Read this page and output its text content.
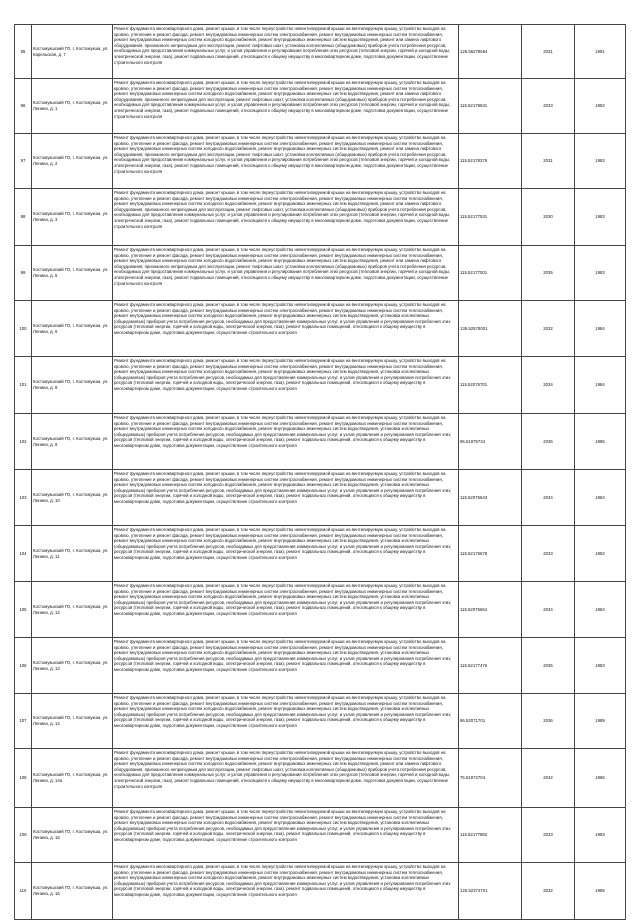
95	Костомукшский ГО, г. Костомукша, ул. Карельская, д. 7	Ремонт фундамента многоквартирного дома, ремонт крыши, в том числе переустройство невентилируемой крыши на вентилируемую крышу, устройство выходов на кровлю, утепление и ремонт фасада, ремонт внутридомовых инженерных систем электроснабжения, ремонт внутридомовых инженерных систем теплоснабжения, ремонт внутридомовых инженерных систем холодного водоснабжения, ремонт внутридомовых инженерных систем водоотведения, ремонт или замена лифтового оборудования, признанного непригодным для эксплуатации, ремонт лифтовых шахт, установка коллективных (общедомовых) приборов учета потребления ресурсов, необходимых для предоставления коммунальных услуг, и узлов управления и регулирования потребления этих ресурсов (тепловой энергии, горячей и холодной воды, электрической энергии, газа), ремонт подвальных помещений, относящихся к общему имуществу в многоквартирном доме, подготовка документации, осуществление строительного контроля	126.56279664	2031	1981
96	Костомукшский ГО, г. Костомукша, ул. Ленина, д. 1	Ремонт фундамента многоквартирного дома, ремонт крыши, в том числе переустройство невентилируемой крыши на вентилируемую крышу, устройство выходов на кровлю, утепление и ремонт фасада, ремонт внутридомовых инженерных систем электроснабжения, ремонт внутридомовых инженерных систем теплоснабжения, ремонт внутридомовых инженерных систем холодного водоснабжения, ремонт внутридомовых инженерных систем водоотведения, ремонт или замена лифтового оборудования, признанного непригодным для эксплуатации, ремонт лифтовых шахт, установка коллективных (общедомовых) приборов учета потребления ресурсов, необходимых для предоставления коммунальных услуг, и узлов управления и регулирования потребления этих ресурсов (тепловой энергии, горячей и холодной воды, электрической энергии, газа), ремонт подвальных помещений, относящихся к общему имуществу в многоквартирном доме, подготовка документации, осуществление строительного контроля	115.52178631	2033	1982
97	Костомукшский ГО, г. Костомукша, ул. Ленина, д. 2	Ремонт фундамента многоквартирного дома, ремонт крыши, в том числе переустройство невентилируемой крыши на вентилируемую крышу, устройство выходов на кровлю, утепление и ремонт фасада, ремонт внутридомовых инженерных систем электроснабжения, ремонт внутридомовых инженерных систем теплоснабжения, ремонт внутридомовых инженерных систем холодного водоснабжения, ремонт внутридомовых инженерных систем водоотведения, ремонт или замена лифтового оборудования, признанного непригодным для эксплуатации, ремонт лифтовых шахт, установка коллективных (общедомовых) приборов учета потребления ресурсов, необходимых для предоставления коммунальных услуг, и узлов управления и регулирования потребления этих ресурсов (тепловой энергии, горячей и холодной воды, электрической энергии, газа), ремонт подвальных помещений, относящихся к общему имуществу в многоквартирном доме, подготовка документации, осуществление строительного контроля	115.52178376	2031	1982
98	Костомукшский ГО, г. Костомукша, ул. Ленина, д. 3	Ремонт фундамента многоквартирного дома, ремонт крыши, в том числе переустройство невентилируемой крыши на вентилируемую крышу, устройство выходов на кровлю, утепление и ремонт фасада, ремонт внутридомовых инженерных систем электроснабжения, ремонт внутридомовых инженерных систем теплоснабжения, ремонт внутридомовых инженерных систем холодного водоснабжения, ремонт внутридомовых инженерных систем водоотведения, ремонт или замена лифтового оборудования, признанного непригодным для эксплуатации, ремонт лифтовых шахт, установка коллективных (общедомовых) приборов учета потребления ресурсов, необходимых для предоставления коммунальных услуг, и узлов управления и регулирования потребления этих ресурсов (тепловой энергии, горячей и холодной воды, электрической энергии, газа), ремонт подвальных помещений, относящихся к общему имуществу в многоквартирном доме, подготовка документации, осуществление строительного контроля	115.52177531	2030	1983
99	Костомукшский ГО, г. Костомукша, ул. Ленина, д. 5	Ремонт фундамента многоквартирного дома, ремонт крыши, в том числе переустройство невентилируемой крыши на вентилируемую крышу, устройство выходов на кровлю, утепление и ремонт фасада, ремонт внутридомовых инженерных систем электроснабжения, ремонт внутридомовых инженерных систем теплоснабжения, ремонт внутридомовых инженерных систем холодного водоснабжения, ремонт внутридомовых инженерных систем водоотведения, ремонт или замена лифтового оборудования, признанного непригодным для эксплуатации, ремонт лифтовых шахт, установка коллективных (общедомовых) приборов учета потребления ресурсов, необходимых для предоставления коммунальных услуг, и узлов управления и регулирования потребления этих ресурсов (тепловой энергии, горячей и холодной воды, электрической энергии, газа), ремонт подвальных помещений, относящихся к общему имуществу в многоквартирном доме, подготовка документации, осуществление строительного контроля	115.52177001	2035	1983
100	Костомукшский ГО, г. Костомукша, ул. Ленина, д. 6	Ремонт фундамента многоквартирного дома, ремонт крыши, в том числе переустройство невентилируемой крыши на вентилируемую крышу, устройство выходов на кровлю, утепление и ремонт фасада, ремонт внутридомовых инженерных систем электроснабжения, ремонт внутридомовых инженерных систем теплоснабжения, ремонт внутридомовых инженерных систем холодного водоснабжения, ремонт внутридомовых инженерных систем водоотведения, установка коллективных (общедомовых) приборов учета потребления ресурсов, необходимых для предоставления коммунальных услуг, и узлов управления и регулирования потребления этих ресурсов (тепловой энергии, горячей и холодной воды, электрической энергии, газа), ремонт подвальных помещений, относящихся к общему имуществу в многоквартирном доме, подготовка документации, осуществление строительного контроля	135.52578001	2032	1984
101	Костомукшский ГО, г. Костомукша, ул. Ленина, д. 8	Ремонт фундамента многоквартирного дома, ремонт крыши, в том числе переустройство невентилируемой крыши на вентилируемую крышу, устройство выходов на кровлю, утепление и ремонт фасада, ремонт внутридомовых инженерных систем электроснабжения, ремонт внутридомовых инженерных систем теплоснабжения, ремонт внутридомовых инженерных систем холодного водоснабжения, ремонт внутридомовых инженерных систем водоотведения, установка коллективных (общедомовых) приборов учета потребления ресурсов, необходимых для предоставления коммунальных услуг, и узлов управления и регулирования потребления этих ресурсов (тепловой энергии, горячей и холодной воды, электрической энергии, газа), ремонт подвальных помещений, относящихся к общему имуществу в многоквартирном доме, подготовка документации, осуществление строительного контроля	115.52076701	2034	1984
102	Костомукшский ГО, г. Костомукша, ул. Ленина, д. 9	Ремонт фундамента многоквартирного дома, ремонт крыши, в том числе переустройство невентилируемой крыши на вентилируемую крышу, устройство выходов на кровлю, утепление и ремонт фасада, ремонт внутридомовых инженерных систем электроснабжения, ремонт внутридомовых инженерных систем теплоснабжения, ремонт внутридомовых инженерных систем холодного водоснабжения, ремонт внутридомовых инженерных систем водоотведения, установка коллективных (общедомовых) приборов учета потребления ресурсов, необходимых для предоставления коммунальных услуг, и узлов управления и регулирования потребления этих ресурсов (тепловой энергии, горячей и холодной воды, электрической энергии, газа), ремонт подвальных помещений, относящихся к общему имуществу в многоквартирном доме, подготовка документации, осуществление строительного контроля	96.51975734	2036	1985
103	Костомукшский ГО, г. Костомукша, ул. Ленина, д. 10	Ремонт фундамента многоквартирного дома, ремонт крыши, в том числе переустройство невентилируемой крыши на вентилируемую крышу, устройство выходов на кровлю, утепление и ремонт фасада, ремонт внутридомовых инженерных систем электроснабжения, ремонт внутридомовых инженерных систем теплоснабжения, ремонт внутридомовых инженерных систем холодного водоснабжения, ремонт внутридомовых инженерных систем водоотведения, установка коллективных (общедомовых) приборов учета потребления ресурсов, необходимых для предоставления коммунальных услуг, и узлов управления и регулирования потребления этих ресурсов (тепловой энергии, горячей и холодной воды, электрической энергии, газа), ремонт подвальных помещений, относящихся к общему имуществу в многоквартирном доме, подготовка документации, осуществление строительного контроля	115.52076643	2034	1984
104	Костомукшский ГО, г. Костомукша, ул. Ленина, д. 11	Ремонт фундамента многоквартирного дома, ремонт крыши, в том числе переустройство невентилируемой крыши на вентилируемую крышу, устройство выходов на кровлю, утепление и ремонт фасада, ремонт внутридомовых инженерных систем электроснабжения, ремонт внутридомовых инженерных систем теплоснабжения, ремонт внутридомовых инженерных систем холодного водоснабжения, ремонт внутридомовых инженерных систем водоотведения, установка коллективных (общедомовых) приборов учета потребления ресурсов, необходимых для предоставления коммунальных услуг, и узлов управления и регулирования потребления этих ресурсов (тепловой энергии, горячей и холодной воды, электрической энергии, газа), ремонт подвальных помещений, относящихся к общему имуществу в многоквартирном доме, подготовка документации, осуществление строительного контроля	115.52176678	2033	1982
105	Костомукшский ГО, г. Костомукша, ул. Ленина, д. 12	Ремонт фундамента многоквартирного дома, ремонт крыши, в том числе переустройство невентилируемой крыши на вентилируемую крышу, устройство выходов на кровлю, утепление и ремонт фасада, ремонт внутридомовых инженерных систем электроснабжения, ремонт внутридомовых инженерных систем теплоснабжения, ремонт внутридомовых инженерных систем холодного водоснабжения, ремонт внутридомовых инженерных систем водоотведения, установка коллективных (общедомовых) приборов учета потребления ресурсов, необходимых для предоставления коммунальных услуг, и узлов управления и регулирования потребления этих ресурсов (тепловой энергии, горячей и холодной воды, электрической энергии, газа), ремонт подвальных помещений, относящихся к общему имуществу в многоквартирном доме, подготовка документации, осуществление строительного контроля	115.52076664	2034	1984
106	Костомукшский ГО, г. Костомукша, ул. Ленина, д. 13	Ремонт фундамента многоквартирного дома, ремонт крыши, в том числе переустройство невентилируемой крыши на вентилируемую крышу, устройство выходов на кровлю, утепление и ремонт фасада, ремонт внутридомовых инженерных систем электроснабжения, ремонт внутридомовых инженерных систем теплоснабжения, ремонт внутридомовых инженерных систем холодного водоснабжения, ремонт внутридомовых инженерных систем водоотведения, установка коллективных (общедомовых) приборов учета потребления ресурсов, необходимых для предоставления коммунальных услуг, и узлов управления и регулирования потребления этих ресурсов (тепловой энергии, горячей и холодной воды, электрической энергии, газа), ремонт подвальных помещений, относящихся к общему имуществу в многоквартирном доме, подготовка документации, осуществление строительного контроля	115.52177476	2035	1983
107	Костомукшский ГО, г. Костомукша, ул. Ленина, д. 14	Ремонт фундамента многоквартирного дома, ремонт крыши, в том числе переустройство невентилируемой крыши на вентилируемую крышу, устройство выходов на кровлю, утепление и ремонт фасада, ремонт внутридомовых инженерных систем электроснабжения, ремонт внутридомовых инженерных систем теплоснабжения, ремонт внутридомовых инженерных систем холодного водоснабжения, ремонт внутридомовых инженерных систем водоотведения, установка коллективных (общедомовых) приборов учета потребления ресурсов, необходимых для предоставления коммунальных услуг, и узлов управления и регулирования потребления этих ресурсов (тепловой энергии, горячей и холодной воды, электрической энергии, газа), ремонт подвальных помещений, относящихся к общему имуществу в многоквартирном доме, подготовка документации, осуществление строительного контроля	96.52071701	2036	1989
108	Костомукшский ГО, г. Костомукша, ул. Ленина, д. 14а	Ремонт фундамента многоквартирного дома, ремонт крыши, в том числе переустройство невентилируемой крыши на вентилируемую крышу, устройство выходов на кровлю, утепление и ремонт фасада, ремонт внутридомовых инженерных систем электроснабжения, ремонт внутридомовых инженерных систем теплоснабжения, ремонт внутридомовых инженерных систем холодного водоснабжения, ремонт внутридомовых инженерных систем водоотведения, ремонт или замена лифтового оборудования, признанного непригодным для эксплуатации, ремонт лифтовых шахт, установка коллективных (общедомовых) приборов учета потребления ресурсов, необходимых для предоставления коммунальных услуг, и узлов управления и регулирования потребления этих ресурсов (тепловой энергии, горячей и холодной воды, электрической энергии, газа), ремонт подвальных помещений, относящихся к общему имуществу в многоквартирном доме, подготовка документации, осуществление строительного контроля	75.51972704	2042	1986
109	Костомукшский ГО, г. Костомукша, ул. Ленина, д. 15	Ремонт фундамента многоквартирного дома, ремонт крыши, в том числе переустройство невентилируемой крыши на вентилируемую крышу, устройство выходов на кровлю, утепление и ремонт фасада, ремонт внутридомовых инженерных систем электроснабжения, ремонт внутридомовых инженерных систем теплоснабжения, ремонт внутридомовых инженерных систем холодного водоснабжения, ремонт внутридомовых инженерных систем водоотведения, установка коллективных (общедомовых) приборов учета потребления ресурсов, необходимых для предоставления коммунальных услуг, и узлов управления и регулирования потребления этих ресурсов (тепловой энергии, горячей и холодной воды, электрической энергии, газа), ремонт подвальных помещений, относящихся к общему имуществу в многоквартирном доме, подготовка документации, осуществление строительного контроля	115.52177882	2033	1983
110	Костомукшский ГО, г. Костомукша, ул. Ленина, д. 16	Ремонт фундамента многоквартирного дома, ремонт крыши, в том числе переустройство невентилируемой крыши на вентилируемую крышу, устройство выходов на кровлю, утепление и ремонт фасада, ремонт внутридомовых инженерных систем электроснабжения, ремонт внутридомовых инженерных систем теплоснабжения, ремонт внутридомовых инженерных систем холодного водоснабжения, ремонт внутридомовых инженерных систем водоотведения, установка коллективных (общедомовых) приборов учета потребления ресурсов, необходимых для предоставления коммунальных услуг, и узлов управления и регулирования потребления этих ресурсов (тепловой энергии, горячей и холодной воды, электрической энергии, газа), ремонт подвальных помещений, относящихся к общему имуществу в многоквартирном доме, подготовка документации, осуществление строительного контроля	125.52374701	2032	1985
